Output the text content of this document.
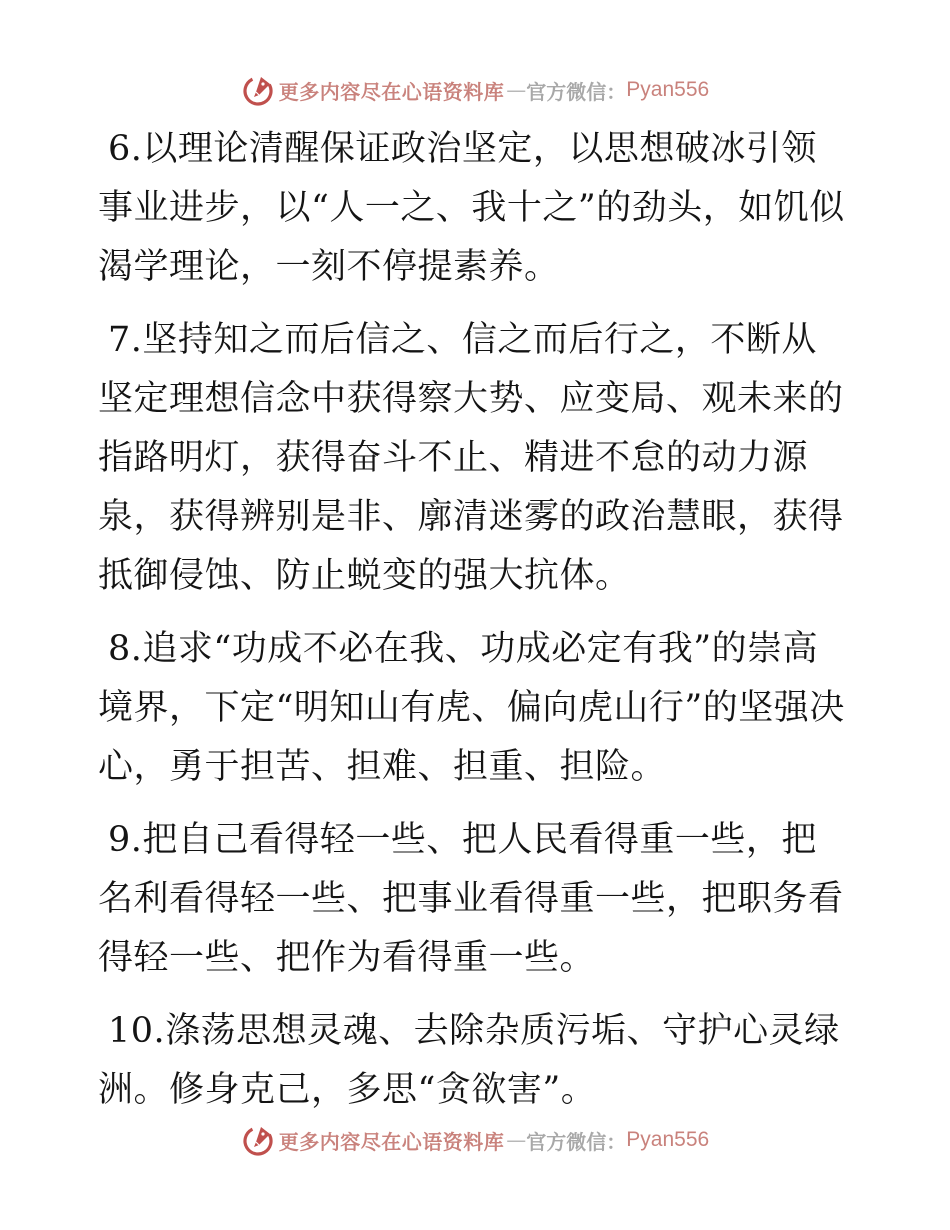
更多内容尽在心语资料库 — 官方微信： Pyan556

6.以理论清醒保证政治坚定，以思想破冰引领事业进步，以“人一之、我十之”的劲头，如饥似渴学理论，一刻不停提素养。

7.坚持知之而后信之、信之而后行之，不断从坚定理想信念中获得察大势、应变局、观未来的指路明灯，获得奋斗不止、精进不怠的动力源泉，获得辨别是非、廓清迷雾的政治慧眼，获得抵御侵蚀、防止蜕变的强大抗体。

8.追求“功成不必在我、功成必定有我”的崇高境界，下定“明知山有虎、偏向虎山行”的坚强决心，勇于担苦、担难、担重、担险。

9.把自己看得轻一些、把人民看得重一些，把名利看得轻一些、把事业看得重一些，把职务看得轻一些、把作为看得重一些。

10.涤荡思想灵魂、去除杂质污垢、守护心灵绿洲。修身克己，多思“贪欲害”。

更多内容尽在心语资料库 — 官方微信： Pyan556
